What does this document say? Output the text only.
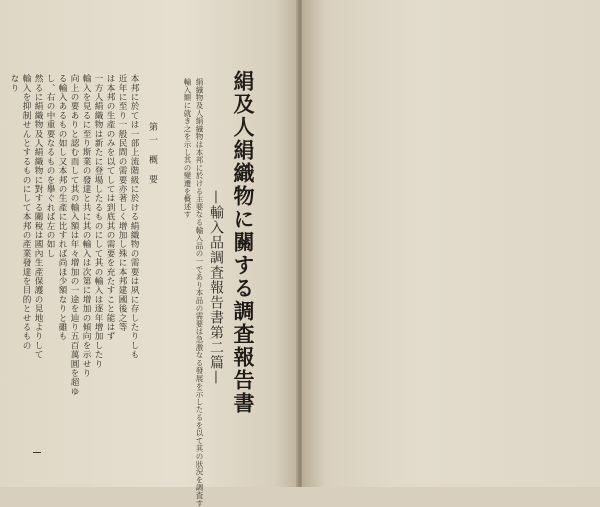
絹及人絹織物に關する調査報告書
—輸入品調査報告書第二篇—
絹織物及人絹織物は本邦に於ける主要なる輸入品の一であり本品の需要は急激なる發展を示したるを以て其の狀況を調査す
輸入額に就き之を示し其の變遷を概述す
第一 概 要
本邦に於ては一部上流階級に於ける絹織物の需要は夙に存したりしも
近年に至り一般民間の需要亦著しく增加し殊に本邦建國後之等
は本邦の生產のみを以てしては到底其の需要を充たすこと能はず
一方人絹織物は新たに登場したるものにして其の輸入は逐年增加したり
輸入を見るに至り斯業の發達と共に其の輸入は次第に增加の傾向を示せり
向上の要ありと認む而して其の輸入額は年々增加の一途を辿り五百萬圓を超ゆ
る輸入あるもの如し又本邦の生產に比すれば尚ほ少額なりと雖も
し、右の中重要なるものを擧ぐれば左の如し
然るに絹織物及人絹織物に對する關稅は國內生產保護の見地よりして
輸入を抑制せんとするものにして本邦の產業發達を目的とせるもの
なり
